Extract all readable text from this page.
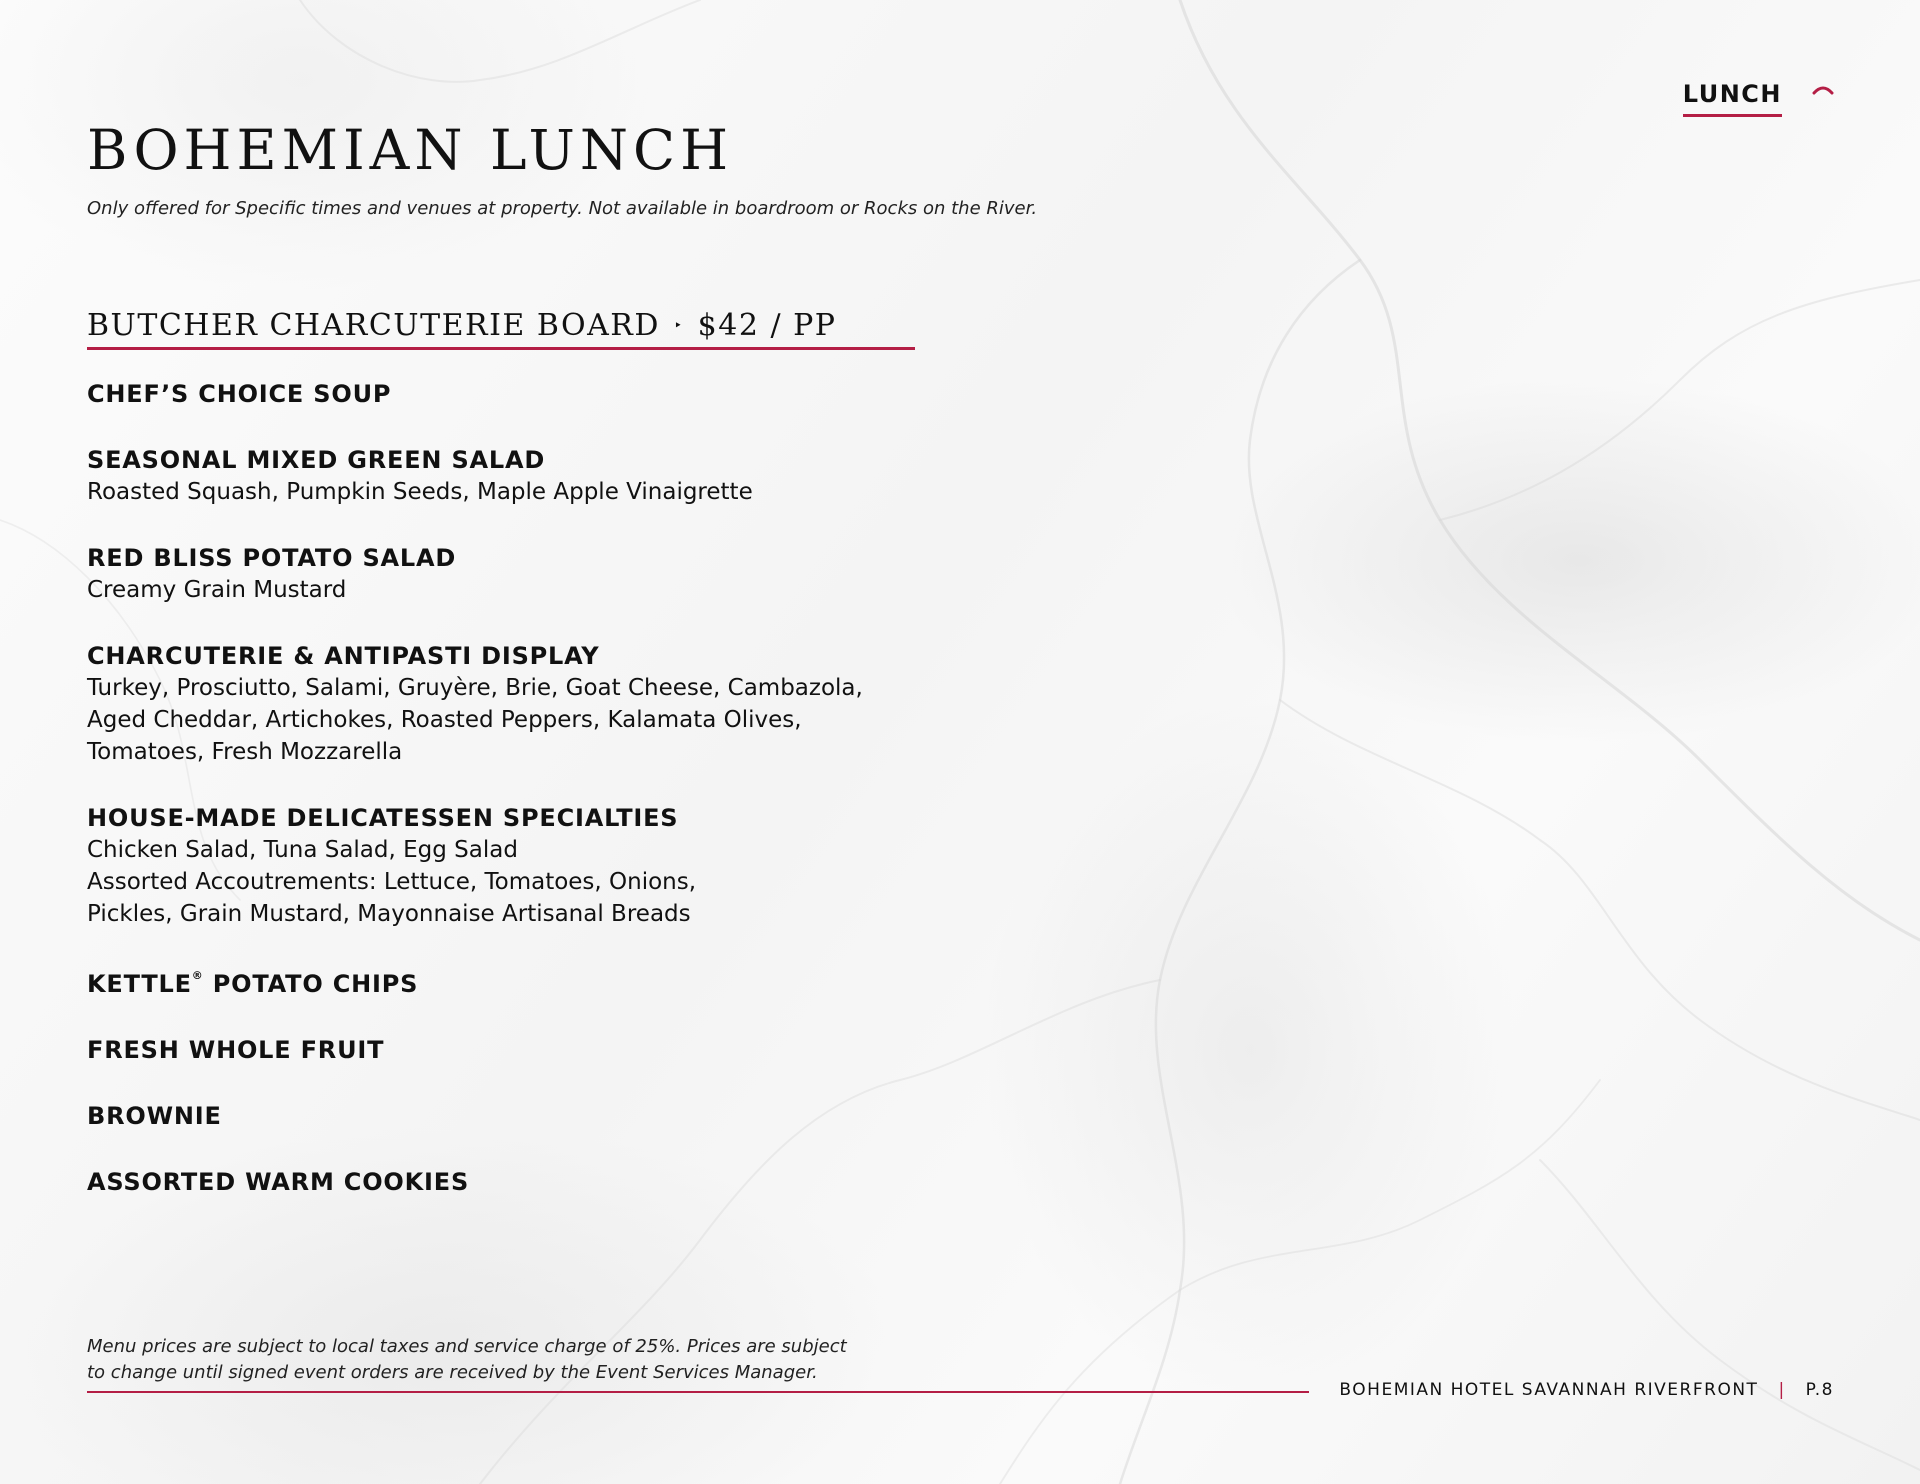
LUNCH
BOHEMIAN LUNCH
Only offered for Specific times and venues at property. Not available in boardroom or Rocks on the River.
BUTCHER CHARCUTERIE BOARD ‣ $42 / PP
CHEF’S CHOICE SOUP
SEASONAL MIXED GREEN SALAD
Roasted Squash, Pumpkin Seeds, Maple Apple Vinaigrette
RED BLISS POTATO SALAD
Creamy Grain Mustard
CHARCUTERIE & ANTIPASTI DISPLAY
Turkey, Prosciutto, Salami, Gruyère, Brie, Goat Cheese, Cambazola,
Aged Cheddar, Artichokes, Roasted Peppers, Kalamata Olives,
Tomatoes, Fresh Mozzarella
HOUSE-MADE DELICATESSEN SPECIALTIES
Chicken Salad, Tuna Salad, Egg Salad
Assorted Accoutrements: Lettuce, Tomatoes, Onions,
Pickles, Grain Mustard, Mayonnaise Artisanal Breads
KETTLE® POTATO CHIPS
FRESH WHOLE FRUIT
BROWNIE
ASSORTED WARM COOKIES
Menu prices are subject to local taxes and service charge of 25%. Prices are subject
to change until signed event orders are received by the Event Services Manager.
BOHEMIAN HOTEL SAVANNAH RIVERFRONT | P.8
